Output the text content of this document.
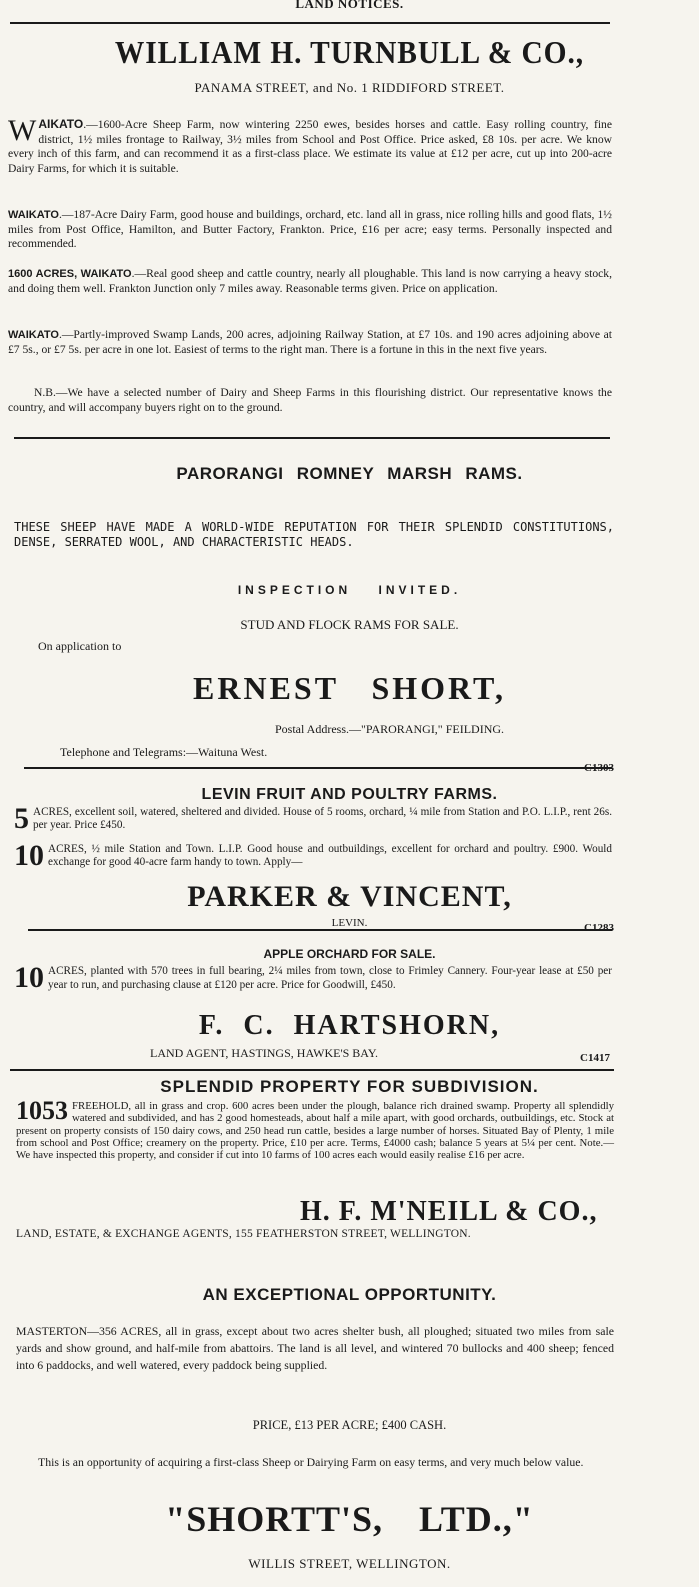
LAND NOTICES.
WILLIAM H. TURNBULL & CO.,
PANAMA STREET, and No. 1 RIDDIFORD STREET.
WAIKATO.—1600-Acre Sheep Farm, now wintering 2250 ewes, besides horses and cattle. Easy rolling country, fine district, 1½ miles frontage to Railway, 3½ miles from School and Post Office. Price asked, £8 10s. per acre. We know every inch of this farm, and can recommend it as a first-class place. We estimate its value at £12 per acre, cut up into 200-acre Dairy Farms, for which it is suitable.
WAIKATO.—187-Acre Dairy Farm, good house and buildings, orchard, etc. land all in grass, nice rolling hills and good flats, 1½ miles from Post Office, Hamilton, and Butter Factory, Frankton. Price, £16 per acre; easy terms. Personally inspected and recommended.
1600 ACRES, WAIKATO.—Real good sheep and cattle country, nearly all ploughable. This land is now carrying a heavy stock, and doing them well. Frankton Junction only 7 miles away. Reasonable terms given. Price on application.
WAIKATO.—Partly-improved Swamp Lands, 200 acres, adjoining Railway Station, at £7 10s. and 190 acres adjoining above at £7 5s., or £7 5s. per acre in one lot. Easiest of terms to the right man. There is a fortune in this in the next five years.
N.B.—We have a selected number of Dairy and Sheep Farms in this flourishing district. Our representative knows the country, and will accompany buyers right on to the ground.
PARORANGI ROMNEY MARSH RAMS.
THESE SHEEP HAVE MADE A WORLD-WIDE REPUTATION FOR THEIR SPLENDID CONSTITUTIONS, DENSE, SERRATED WOOL, AND CHARACTERISTIC HEADS.
INSPECTION INVITED.
STUD AND FLOCK RAMS FOR SALE.
On application to
ERNEST SHORT,
Postal Address.—"PARORANGI," FEILDING.
Telephone and Telegrams:—Waituna West.
C1303
LEVIN FRUIT AND POULTRY FARMS.
5 ACRES, excellent soil, watered, sheltered and divided. House of 5 rooms, orchard, ¼ mile from Station and P.O. L.I.P., rent 26s. per year. Price £450.
10 ACRES, ½ mile Station and Town. L.I.P. Good house and outbuildings, excellent for orchard and poultry. £900. Would exchange for good 40-acre farm handy to town. Apply—
PARKER & VINCENT,
LEVIN.	C1283
APPLE ORCHARD FOR SALE.
10 ACRES, planted with 570 trees in full bearing, 2¼ miles from town, close to Frimley Cannery. Four-year lease at £50 per year to run, and purchasing clause at £120 per acre. Price for Goodwill, £450.
F. C. HARTSHORN,
LAND AGENT, HASTINGS, HAWKE'S BAY.	C1417
SPLENDID PROPERTY FOR SUBDIVISION.
1053 FREEHOLD, all in grass and crop. 600 acres been under the plough, balance rich drained swamp. Property all splendidly watered and subdivided, and has 2 good homesteads, about half a mile apart, with good orchards, outbuildings, etc. Stock at present on property consists of 150 dairy cows, and 250 head run cattle, besides a large number of horses. Situated Bay of Plenty, 1 mile from school and Post Office; creamery on the property. Price, £10 per acre. Terms, £4000 cash; balance 5 years at 5¼ per cent. Note.—We have inspected this property, and consider if cut into 10 farms of 100 acres each would easily realise £16 per acre.
H. F. M'NEILL & CO.,
LAND, ESTATE, & EXCHANGE AGENTS, 155 FEATHERSTON STREET, WELLINGTON.
AN EXCEPTIONAL OPPORTUNITY.
MASTERTON—356 ACRES, all in grass, except about two acres shelter bush, all ploughed; situated two miles from sale yards and show ground, and half-mile from abattoirs. The land is all level, and wintered 70 bullocks and 400 sheep; fenced into 6 paddocks, and well watered, every paddock being supplied.
PRICE, £13 PER ACRE; £400 CASH.
This is an opportunity of acquiring a first-class Sheep or Dairying Farm on easy terms, and very much below value.
"SHORTT'S, LTD.,"
WILLIS STREET, WELLINGTON.
